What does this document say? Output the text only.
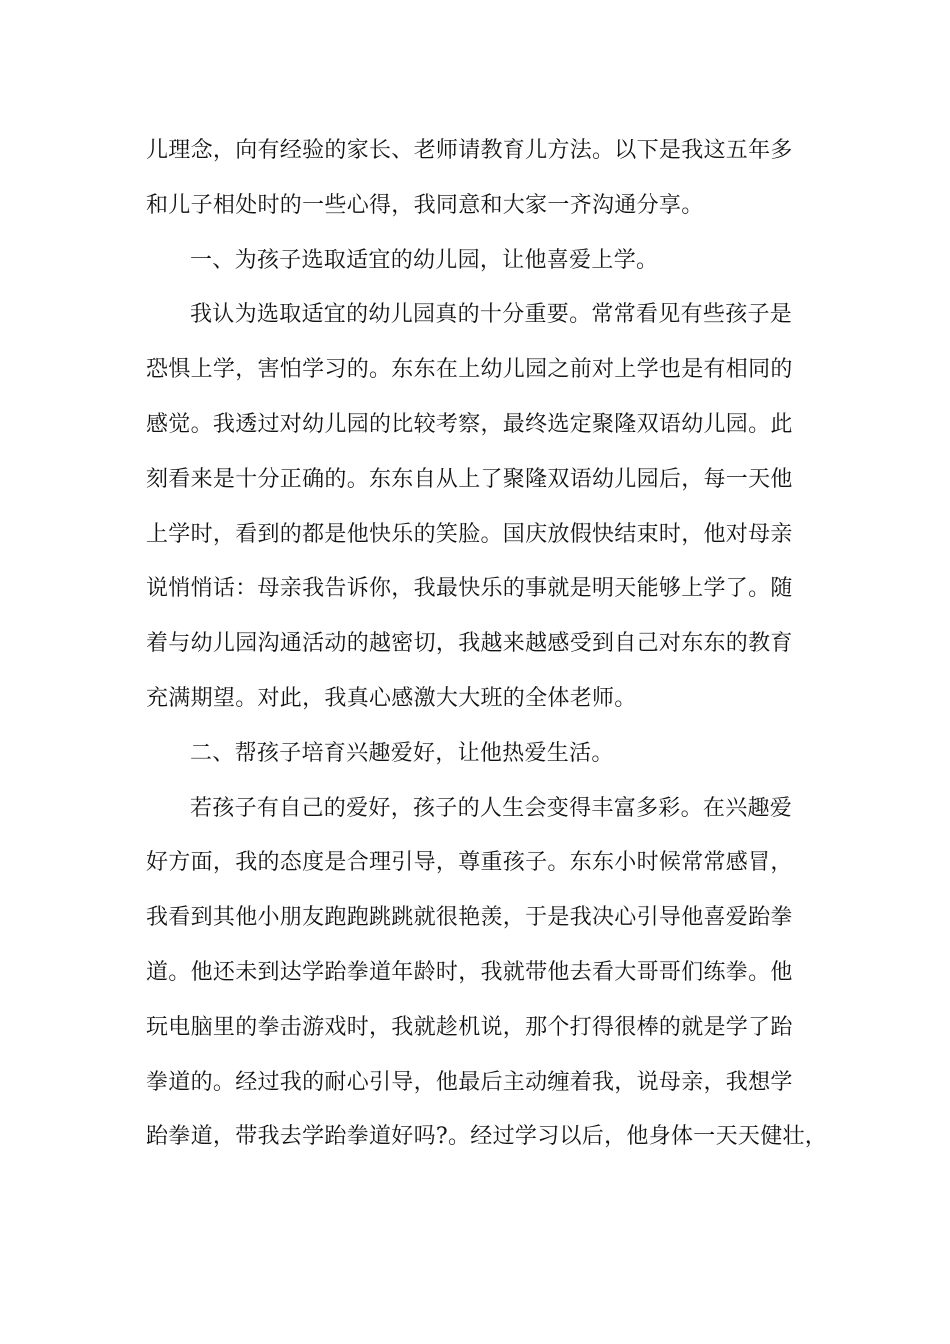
儿理念，向有经验的家长、老师请教育儿方法。以下是我这五年多
和儿子相处时的一些心得，我同意和大家一齐沟通分享。
一、为孩子选取适宜的幼儿园，让他喜爱上学。
我认为选取适宜的幼儿园真的十分重要。常常看见有些孩子是
恐惧上学，害怕学习的。东东在上幼儿园之前对上学也是有相同的
感觉。我透过对幼儿园的比较考察，最终选定聚隆双语幼儿园。此
刻看来是十分正确的。东东自从上了聚隆双语幼儿园后，每一天他
上学时，看到的都是他快乐的笑脸。国庆放假快结束时，他对母亲
说悄悄话：母亲我告诉你，我最快乐的事就是明天能够上学了。随
着与幼儿园沟通活动的越密切，我越来越感受到自己对东东的教育
充满期望。对此，我真心感激大大班的全体老师。
二、帮孩子培育兴趣爱好，让他热爱生活。
若孩子有自己的爱好，孩子的人生会变得丰富多彩。在兴趣爱
好方面，我的态度是合理引导，尊重孩子。东东小时候常常感冒，
我看到其他小朋友跑跑跳跳就很艳羡，于是我决心引导他喜爱跆拳
道。他还未到达学跆拳道年龄时，我就带他去看大哥哥们练拳。他
玩电脑里的拳击游戏时，我就趁机说，那个打得很棒的就是学了跆
拳道的。经过我的耐心引导，他最后主动缠着我，说母亲，我想学
跆拳道，带我去学跆拳道好吗?。经过学习以后，他身体一天天健壮，
